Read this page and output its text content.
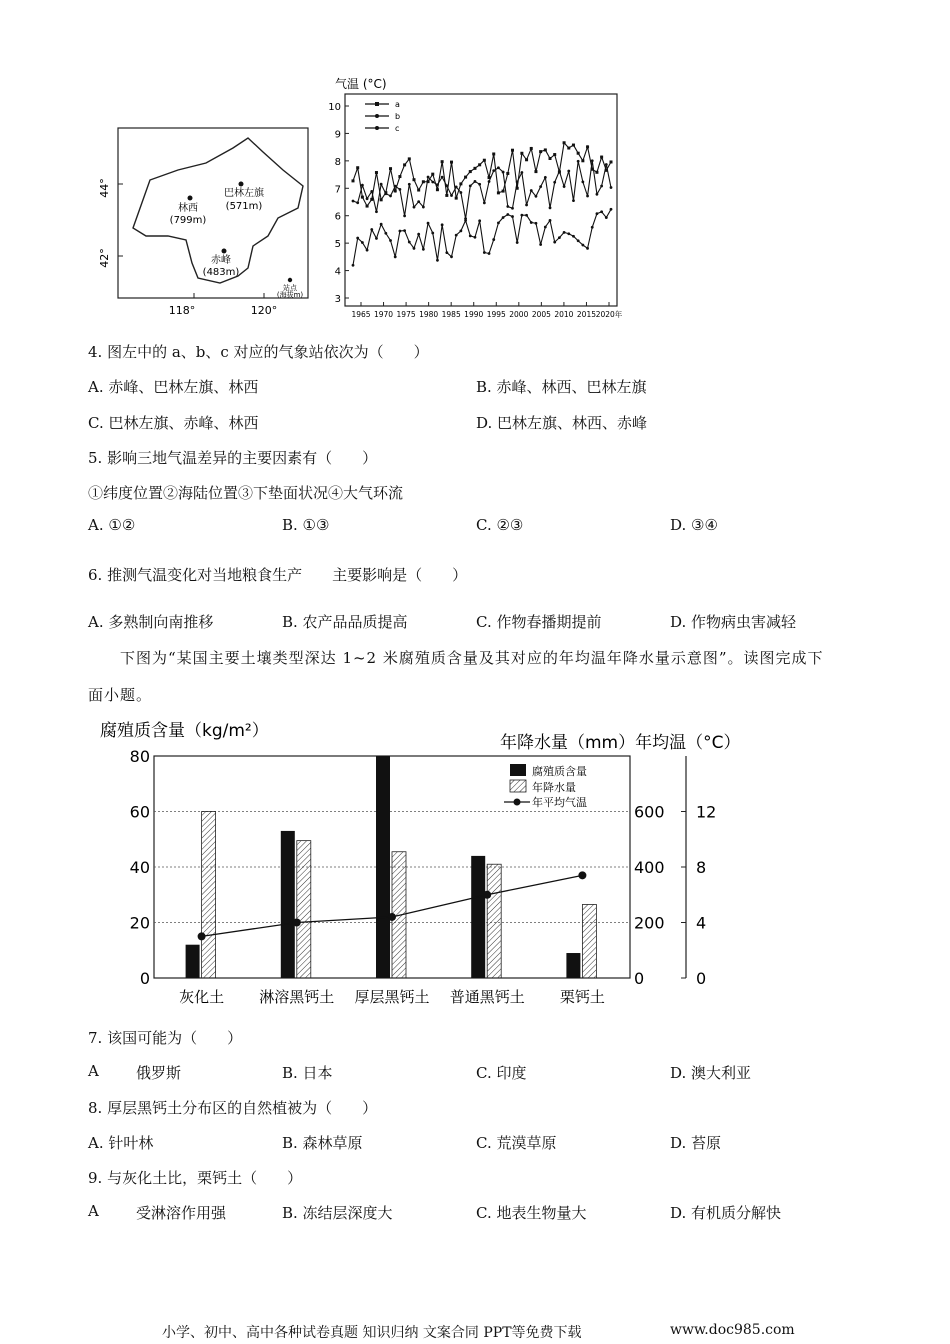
44°
42°
118°	120°
林西
(799m)
巴林左旗
(571m)
赤峰
(483m)
站点
(海拔m)
气温 (°C)
10
9
8
7
6
5
4
3
1965 1970 1975 1980 1985 1990 1995 2000 2005 2010 2015 2020年
a
b
c
4. 图左中的 a、b、c 对应的气象站依次为（　　）
A. 赤峰、巴林左旗、林西	B. 赤峰、林西、巴林左旗
C. 巴林左旗、赤峰、林西	D. 巴林左旗、林西、赤峰
5. 影响三地气温差异的主要因素有（　　）
①纬度位置②海陆位置③下垫面状况④大气环流
A. ①②	B. ①③	C. ②③	D. ③④
6. 推测气温变化对当地粮食生产　　主要影响是（　　）
A. 多熟制向南推移	B. 农产品品质提高	C. 作物春播期提前	D. 作物病虫害减轻
下图为“某国主要土壤类型深达 1~2 米腐殖质含量及其对应的年均温年降水量示意图”。读图完成下
面小题。
腐殖质含量（kg/m²）
年降水量（mm）年均温（°C）
0
20
40
60
80
0
200
400
600
0
4
8
12
灰化土 淋溶黑钙土 厚层黑钙土 普通黑钙土 栗钙土
腐殖质含量
年降水量
年平均气温
7. 该国可能为（　　）
A 俄罗斯	B. 日本	C. 印度	D. 澳大利亚
8. 厚层黑钙土分布区的自然植被为（　　）
A. 针叶林	B. 森林草原	C. 荒漠草原	D. 苔原
9. 与灰化土比，栗钙土（　　）
A 受淋溶作用强	B. 冻结层深度大	C. 地表生物量大	D. 有机质分解快
小学、初中、高中各种试卷真题 知识归纳 文案合同 PPT等免费下载	www.doc985.com
